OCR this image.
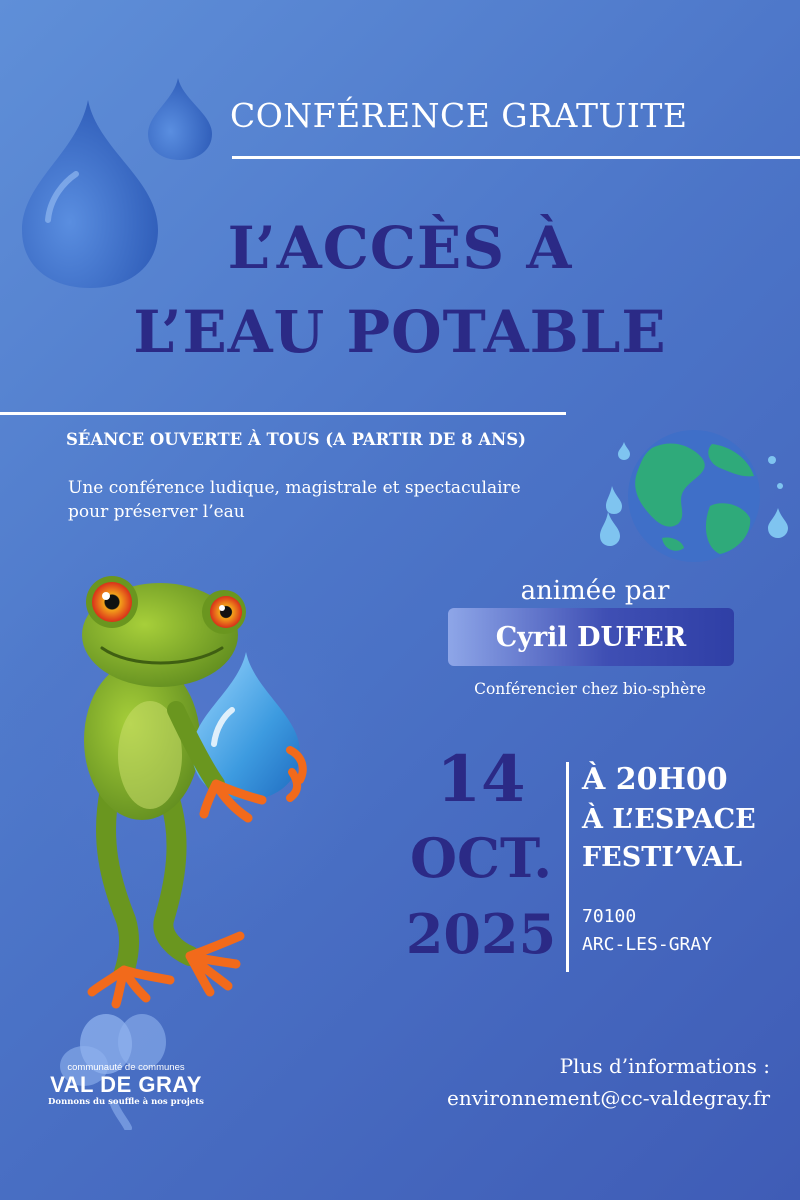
CONFÉRENCE GRATUITE
L’ACCÈS À
L’EAU POTABLE
SÉANCE OUVERTE À TOUS (A PARTIR DE 8 ANS)
Une conférence ludique, magistrale et spectaculaire
pour préserver l’eau
animée par
Cyril DUFER
Conférencier chez bio-sphère
14
OCT.
2025
À 20H00
À L’ESPACE
FESTI’VAL
70100
ARC-LES-GRAY
communauté de communes
VAL DE GRAY
Donnons du souffle à nos projets
Plus d’informations :
environnement@cc-valdegray.fr
